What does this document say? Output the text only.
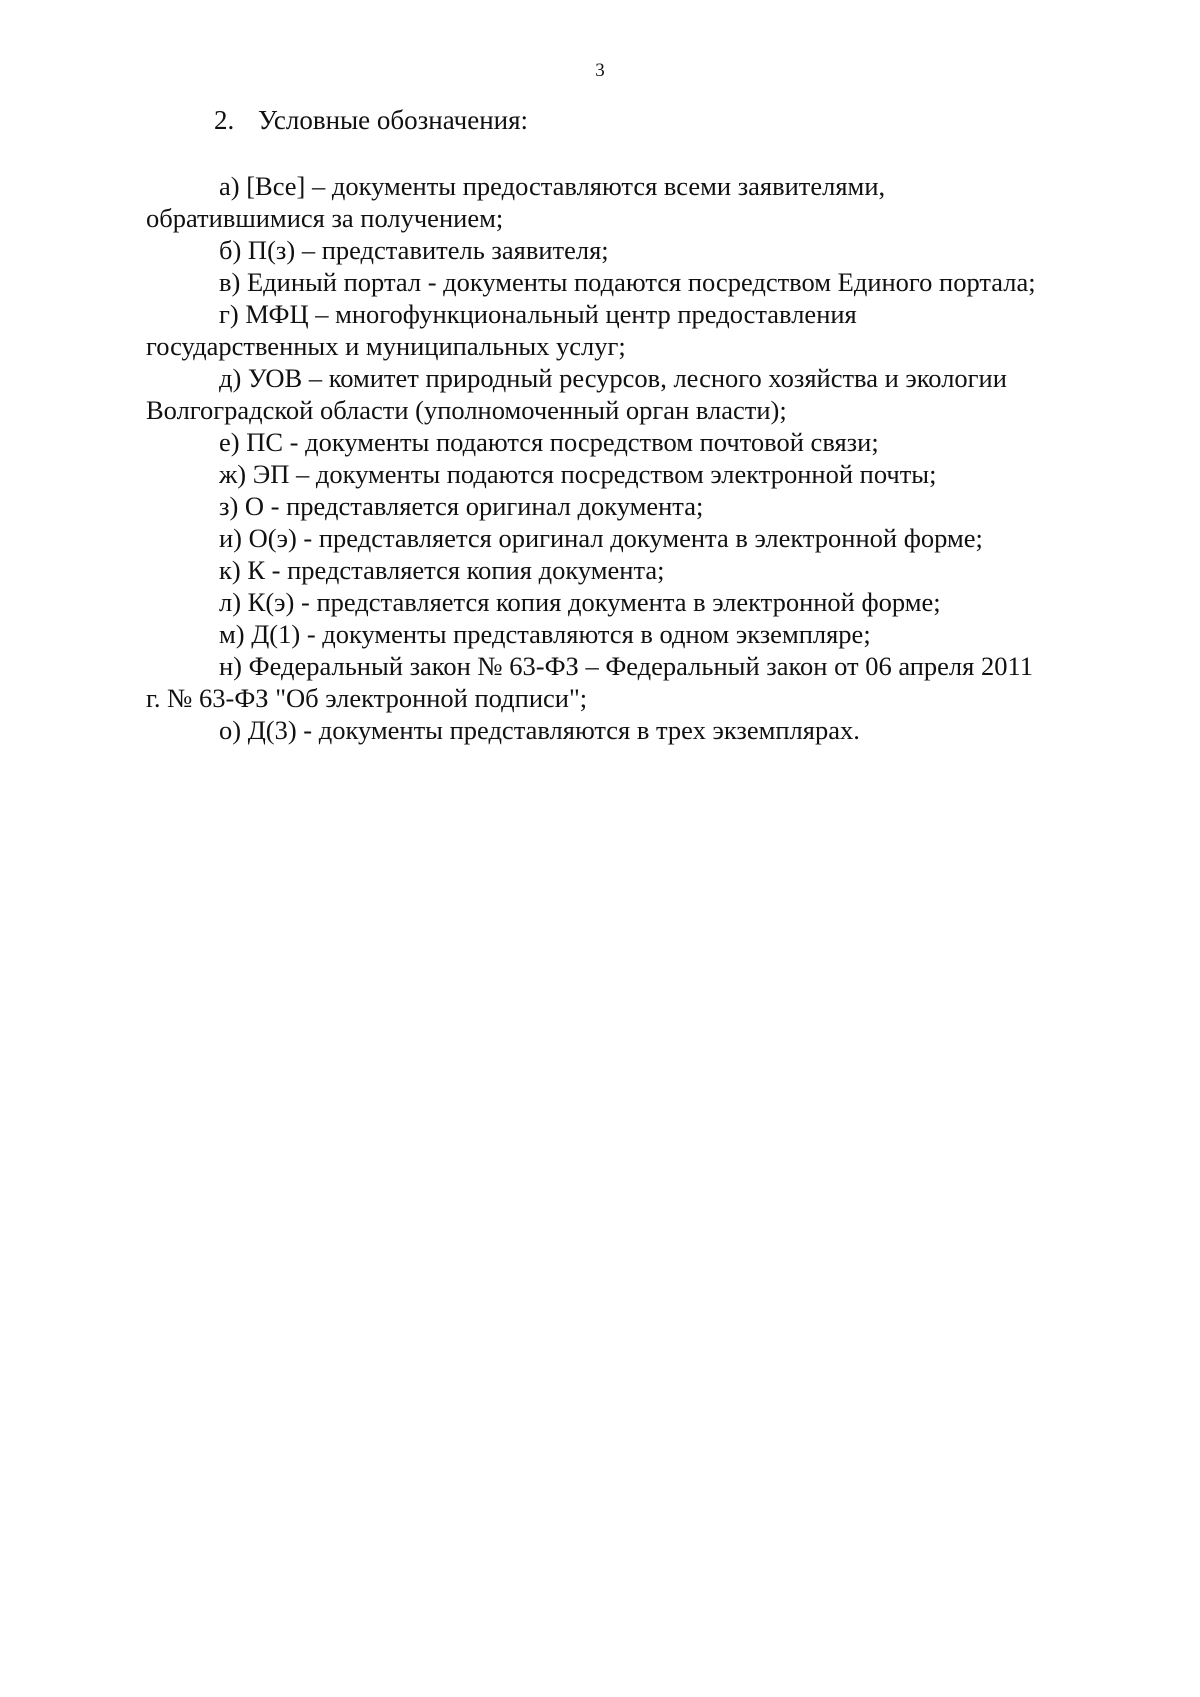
3
2. Условные обозначения:

а) [Все] – документы предоставляются всеми заявителями, обратившимися за получением;

б) П(з) – представитель заявителя;

в) Единый портал - документы подаются посредством Единого портала;

г) МФЦ – многофункциональный центр предоставления государственных и муниципальных услуг;

д) УОВ – комитет природный ресурсов, лесного хозяйства и экологии Волгоградской области (уполномоченный орган власти);

е) ПС - документы подаются посредством почтовой связи;

ж) ЭП – документы подаются посредством электронной почты;

з) О - представляется оригинал документа;

и) О(э) - представляется оригинал документа в электронной форме;

к) К - представляется копия документа;

л) К(э) - представляется копия документа в электронной форме;

м) Д(1) - документы представляются в одном экземпляре;

н) Федеральный закон № 63-ФЗ – Федеральный закон от 06 апреля 2011 г. № 63-ФЗ "Об электронной подписи";

о) Д(3) - документы представляются в трех экземплярах.
